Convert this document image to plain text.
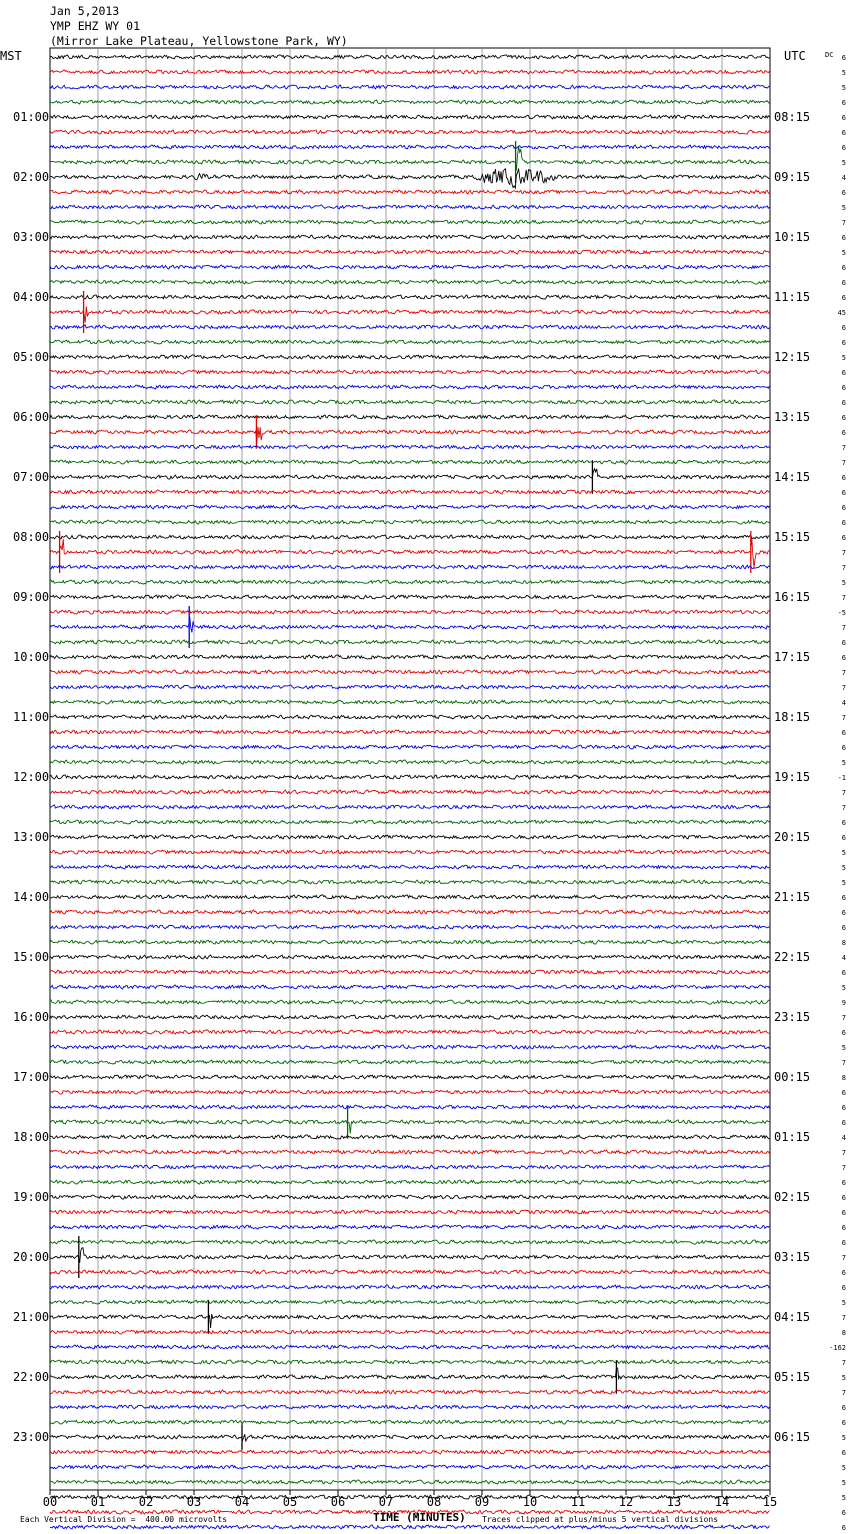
Jan 5,2013
YMP EHZ WY 01
(Mirror Lake Plateau, Yellowstone Park, WY)
00	01	02	03	04	05	06	07	08	09	10	11	12	13	14	15
MST	UTC	DC
01:00
02:00
03:00
04:00
05:00
06:00
07:00
08:00
09:00
10:00
11:00
12:00
13:00
14:00
15:00
16:00
17:00
18:00
19:00
20:00
21:00
22:00
23:00
08:15
09:15
10:15
11:15
12:15
13:15
14:15
15:15
16:15
17:15
18:15
19:15
20:15
21:15
22:15
23:15
00:15
01:15
02:15
03:15
04:15
05:15
06:15
6
5
5
6
6
6
6
5
4
6
5
7
6
5
6
6
6
45
6
6
5
6
6
6
6
6
7
7
6
6
6
6
6
7
7
5
7
-5
7
6
6
7
7
4
7
6
6
5
-1
7
7
6
6
5
5
5
6
6
6
8
4
6
5
9
7
6
5
7
8
6
6
6
4
7
7
6
6
6
6
6
7
6
6
5
7
8
-162
7
5
7
6
6
5
6
5
5
5
6
6
Each Vertical Division =  400.00 microvolts	TIME (MINUTES) Traces clipped at plus/minus 5 vertical divisions
